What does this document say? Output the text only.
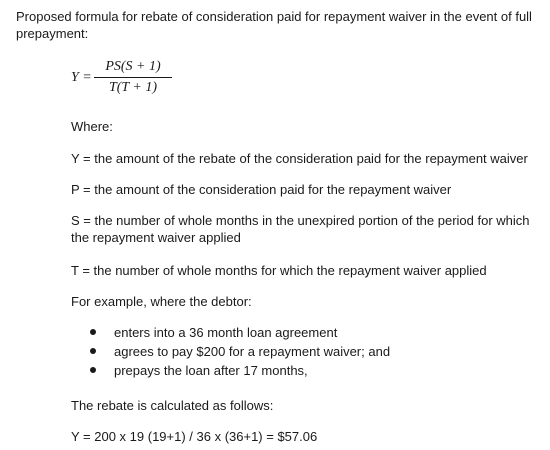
Proposed formula for rebate of consideration paid for repayment waiver in the event of full prepayment:

Y =
PS(S + 1)
T(T + 1)

Where:

Y = the amount of the rebate of the consideration paid for the repayment waiver

P = the amount of the consideration paid for the repayment waiver

S = the number of whole months in the unexpired portion of the period for which the repayment waiver applied

T = the number of whole months for which the repayment waiver applied

For example, where the debtor:

enters into a 36 month loan agreement
agrees to pay $200 for a repayment waiver; and
prepays the loan after 17 months,

The rebate is calculated as follows:

Y = 200 x 19 (19+1) / 36 x (36+1) = $57.06
